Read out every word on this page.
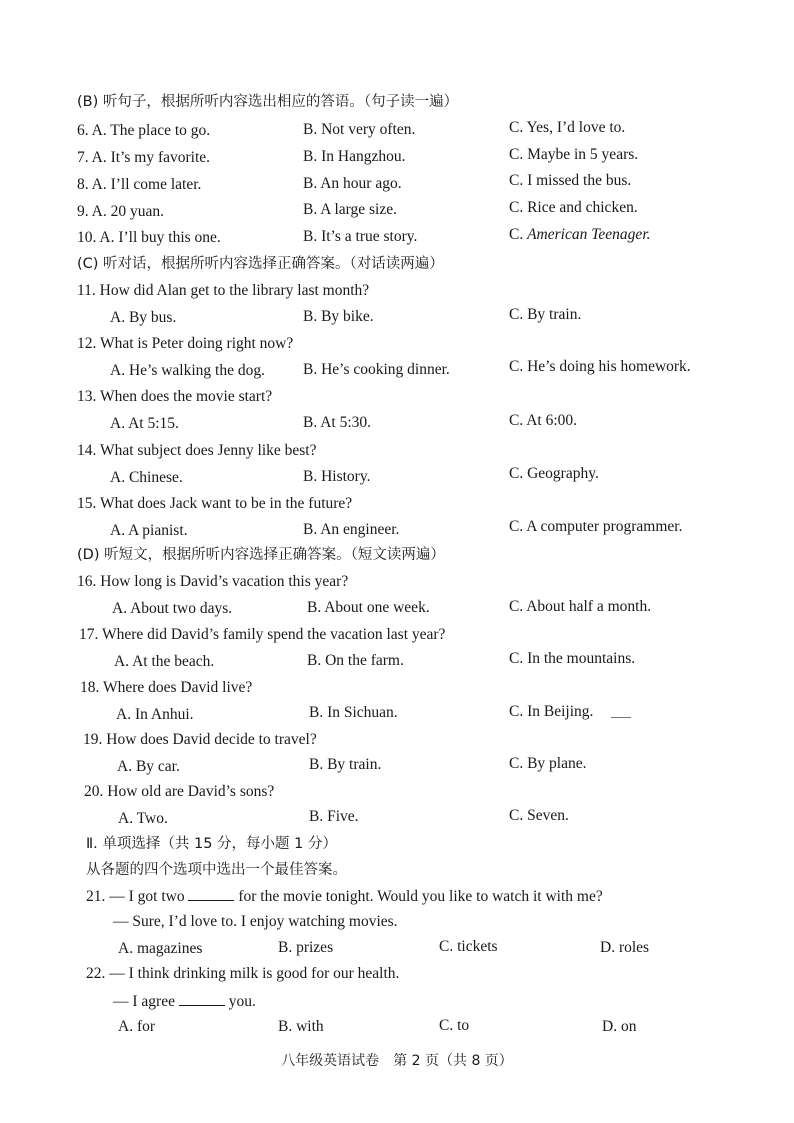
(B) 听句子，根据所听内容选出相应的答语。（句子读一遍）
6. A. The place to go.	B. Not very often.	C. Yes, I’d love to.
7. A. It’s my favorite.	B. In Hangzhou.	C. Maybe in 5 years.
8. A. I’ll come later.	B. An hour ago.	C. I missed the bus.
9. A. 20 yuan.	B. A large size.	C. Rice and chicken.
10. A. I’ll buy this one.	B. It’s a true story.	C. American Teenager.
(C) 听对话，根据所听内容选择正确答案。（对话读两遍）
11. How did Alan get to the library last month?
A. By bus.	B. By bike.	C. By train.
12. What is Peter doing right now?
A. He’s walking the dog. B. He’s cooking dinner.	C. He’s doing his homework.
13. When does the movie start?
A. At 5:15.	B. At 5:30.	C. At 6:00.
14. What subject does Jenny like best?
A. Chinese.	B. History.	C. Geography.
15. What does Jack want to be in the future?
A. A pianist.	B. An engineer.	C. A computer programmer.
(D) 听短文，根据所听内容选择正确答案。（短文读两遍）
16. How long is David’s vacation this year?
A. About two days.	B. About one week.	C. About half a month.
17. Where did David’s family spend the vacation last year?
A. At the beach.	B. On the farm.	C. In the mountains.
18. Where does David live?
A. In Anhui.	B. In Sichuan.	C. In Beijing.
19. How does David decide to travel?
A. By car.	B. By train.	C. By plane.
20. How old are David’s sons?
A. Two.	B. Five.	C. Seven.
Ⅱ. 单项选择（共 15 分，每小题 1 分）
从各题的四个选项中选出一个最佳答案。
21. — I got two	for the movie tonight. Would you like to watch it with me?
— Sure, I’d love to. I enjoy watching movies.
A. magazines	B. prizes	C. tickets	D. roles
22. — I think drinking milk is good for our health.
— I agree	you.
A. for	B. with	C. to	D. on
八年级英语试卷　第 2 页（共 8 页）
